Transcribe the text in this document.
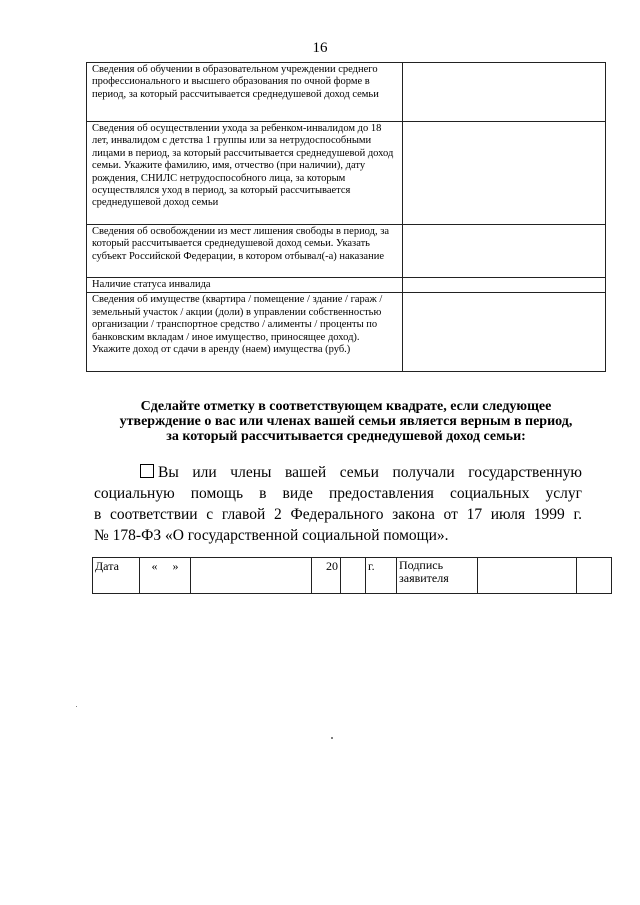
16
Сведения об обучении в образовательном учреждении среднего профессионального и высшего образования по очной форме в период, за который рассчитывается среднедушевой доход семьи	
Сведения об осуществлении ухода за ребенком-инвалидом до 18 лет, инвалидом с детства 1 группы или за нетрудоспособными лицами в период, за который рассчитывается среднедушевой доход семьи. Укажите фамилию, имя, отчество (при наличии), дату рождения, СНИЛС нетрудоспособного лица, за которым осуществлялся уход в период, за который рассчитывается среднедушевой доход семьи	
Сведения об освобождении из мест лишения свободы в период, за который рассчитывается среднедушевой доход семьи. Указать субъект Российской Федерации, в котором отбывал(-а) наказание	
Наличие статуса инвалида	
Сведения об имуществе (квартира / помещение / здание / гараж / земельный участок / акции (доли) в управлении собственностью организации / транспортное средство / алименты / проценты по банковским вкладам / иное имущество, приносящее доход). Укажите доход от сдачи в аренду (наем) имущества (руб.)	
Сделайте отметку в соответствующем квадрате, если следующее
утверждение о вас или членах вашей семьи является верным в период,
за который рассчитывается среднедушевой доход семьи:
Вы или члены вашей семьи получали государственную
социальную помощь в виде предоставления социальных услуг
в соответствии с главой 2 Федерального закона от 17 июля 1999 г.
№ 178-ФЗ «О государственной социальной помощи».
Дата	« »		20		г.	Подпись заявителя		
